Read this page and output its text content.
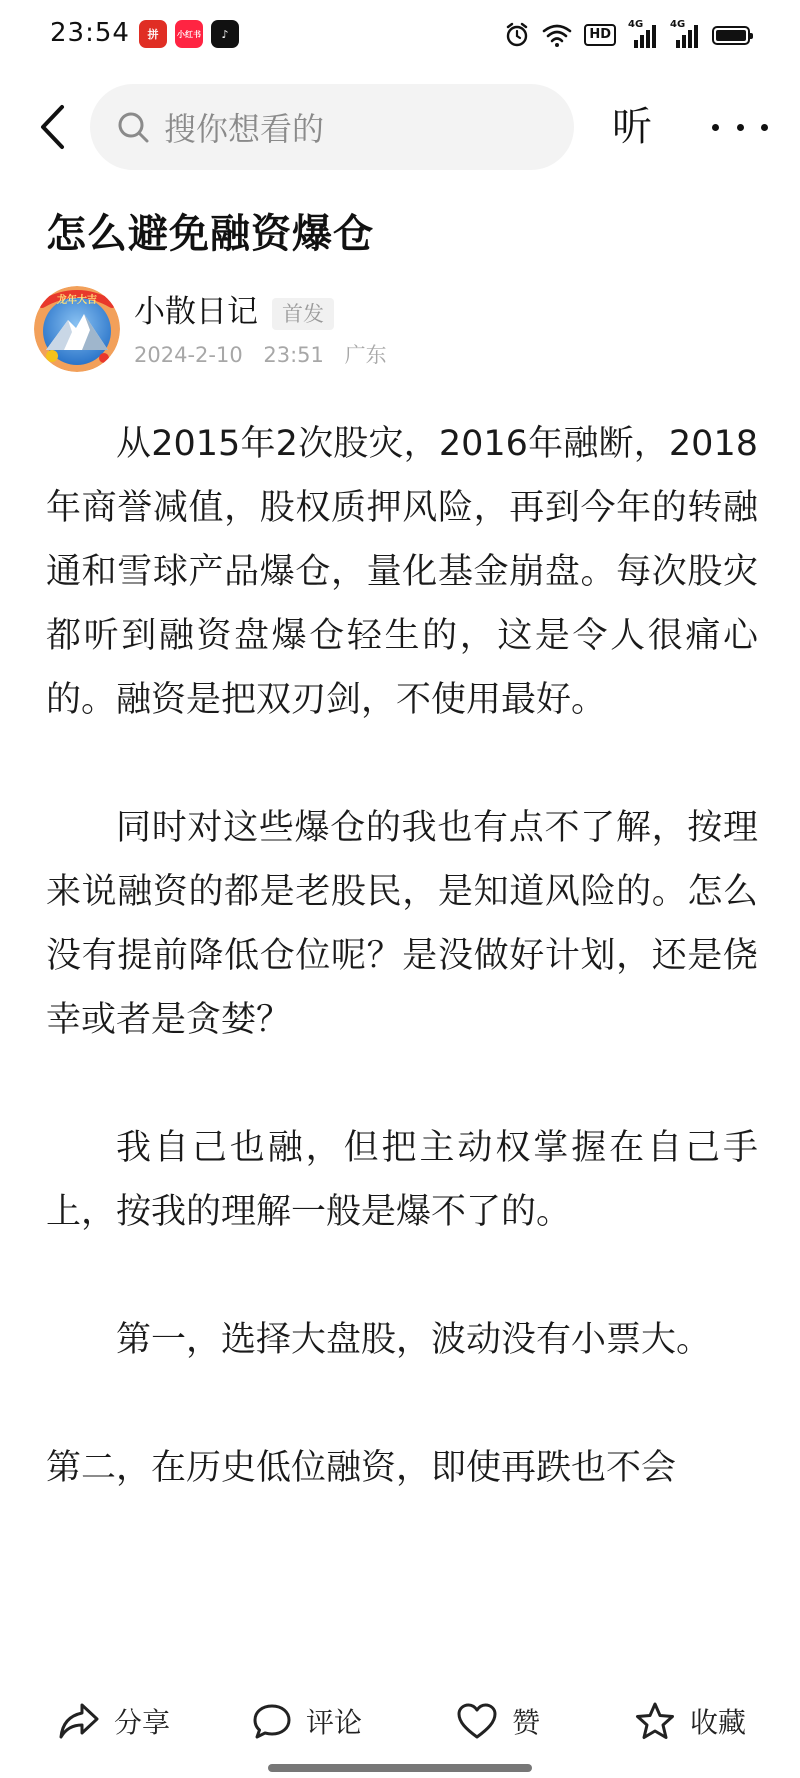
23:54	拼	小红书	♪	HD
4G	4G
搜你想看的	听
怎么避免融资爆仓
龙年大吉 小散日记	首发
2024-2-10 23:51 广东

从2015年2次股灾，2016年融断，2018年商誉减值，股权质押风险，再到今年的转融通和雪球产品爆仓，量化基金崩盘。每次股灾都听到融资盘爆仓轻生的，这是令人很痛心的。融资是把双刃剑，不使用最好。

同时对这些爆仓的我也有点不了解，按理来说融资的都是老股民，是知道风险的。怎么没有提前降低仓位呢？是没做好计划，还是侥幸或者是贪婪？

我自己也融，但把主动权掌握在自己手上，按我的理解一般是爆不了的。

第一，选择大盘股，波动没有小票大。

第二，在历史低位融资，即使再跌也不会

分享	评论	赞	收藏
